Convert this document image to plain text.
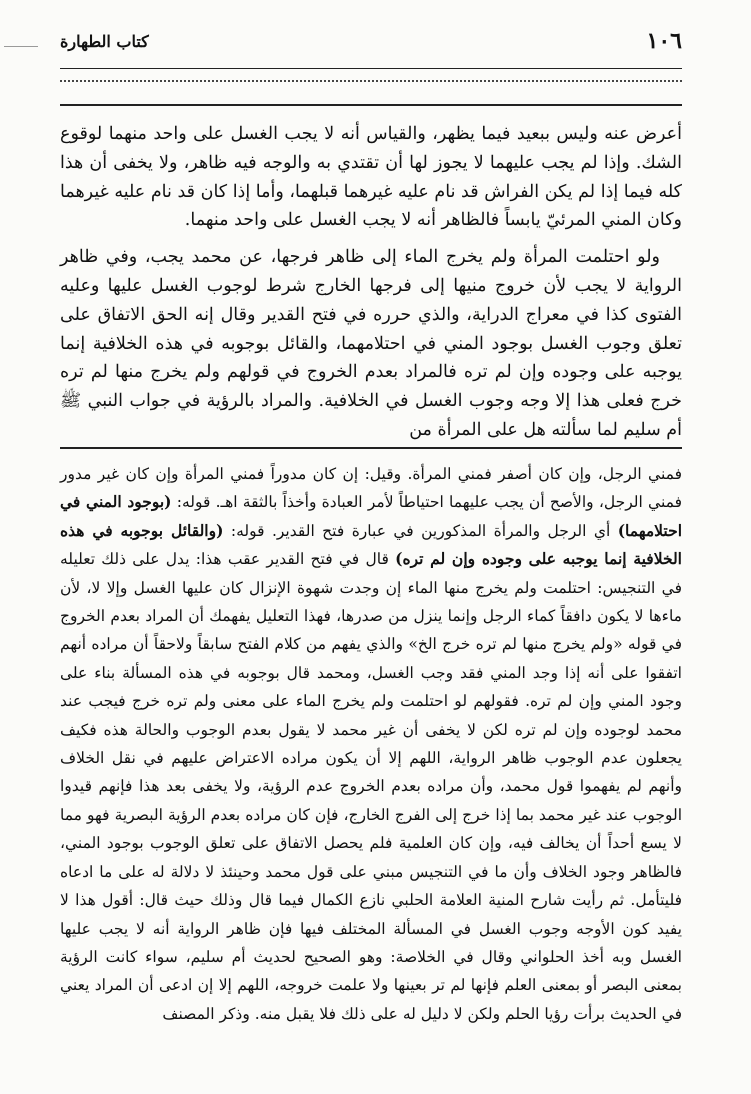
١٠٦
كتاب الطهارة

أعرض عنه وليس ببعيد فيما يظهر، والقياس أنه لا يجب الغسل على واحد منهما لوقوع الشك. وإذا لم يجب عليهما لا يجوز لها أن تقتدي به والوجه فيه ظاهر، ولا يخفى أن هذا كله فيما إذا لم يكن الفراش قد نام عليه غيرهما قبلهما، وأما إذا كان قد نام عليه غيرهما وكان المني المرئيّ يابساً فالظاهر أنه لا يجب الغسل على واحد منهما.

ولو احتلمت المرأة ولم يخرج الماء إلى ظاهر فرجها، عن محمد يجب، وفي ظاهر الرواية لا يجب لأن خروج منيها إلى فرجها الخارج شرط لوجوب الغسل عليها وعليه الفتوى كذا في معراج الدراية، والذي حرره في فتح القدير وقال إنه الحق الاتفاق على تعلق وجوب الغسل بوجود المني في احتلامهما، والقائل بوجوبه في هذه الخلافية إنما يوجبه على وجوده وإن لم تره فالمراد بعدم الخروج في قولهم ولم يخرج منها لم تره خرج فعلى هذا إلا وجه وجوب الغسل في الخلافية. والمراد بالرؤية في جواب النبي ﷺ أم سليم لما سألته هل على المرأة من

فمني الرجل، وإن كان أصفر فمني المرأة. وقيل: إن كان مدوراً فمني المرأة وإن كان غير مدور فمني الرجل، والأصح أن يجب عليهما احتياطاً لأمر العبادة وأخذاً بالثقة اهـ. قوله: (بوجود المني في احتلامهما) أي الرجل والمرأة المذكورين في عبارة فتح القدير. قوله: (والقائل بوجوبه في هذه الخلافية إنما يوجبه على وجوده وإن لم تره) قال في فتح القدير عقب هذا: يدل على ذلك تعليله في التنجيس: احتلمت ولم يخرج منها الماء إن وجدت شهوة الإنزال كان عليها الغسل وإلا لا، لأن ماءها لا يكون دافقاً كماء الرجل وإنما ينزل من صدرها، فهذا التعليل يفهمك أن المراد بعدم الخروج في قوله «ولم يخرج منها لم تره خرج الخ» والذي يفهم من كلام الفتح سابقاً ولاحقاً أن مراده أنهم اتفقوا على أنه إذا وجد المني فقد وجب الغسل، ومحمد قال بوجوبه في هذه المسألة بناء على وجود المني وإن لم تره. فقولهم لو احتلمت ولم يخرج الماء على معنى ولم تره خرج فيجب عند محمد لوجوده وإن لم تره لكن لا يخفى أن غير محمد لا يقول بعدم الوجوب والحالة هذه فكيف يجعلون عدم الوجوب ظاهر الرواية، اللهم إلا أن يكون مراده الاعتراض عليهم في نقل الخلاف وأنهم لم يفهموا قول محمد، وأن مراده بعدم الخروج عدم الرؤية، ولا يخفى بعد هذا فإنهم قيدوا الوجوب عند غير محمد بما إذا خرج إلى الفرج الخارج، فإن كان مراده بعدم الرؤية البصرية فهو مما لا يسع أحداً أن يخالف فيه، وإن كان العلمية فلم يحصل الاتفاق على تعلق الوجوب بوجود المني، فالظاهر وجود الخلاف وأن ما في التنجيس مبني على قول محمد وحينئذ لا دلالة له على ما ادعاه فليتأمل. ثم رأيت شارح المنية العلامة الحلبي نازع الكمال فيما قال وذلك حيث قال: أقول هذا لا يفيد كون الأوجه وجوب الغسل في المسألة المختلف فيها فإن ظاهر الرواية أنه لا يجب عليها الغسل وبه أخذ الحلواني وقال في الخلاصة: وهو الصحيح لحديث أم سليم، سواء كانت الرؤية بمعنى البصر أو بمعنى العلم فإنها لم تر بعينها ولا علمت خروجه، اللهم إلا إن ادعى أن المراد يعني في الحديث برأت رؤيا الحلم ولكن لا دليل له على ذلك فلا يقبل منه. وذكر المصنف
